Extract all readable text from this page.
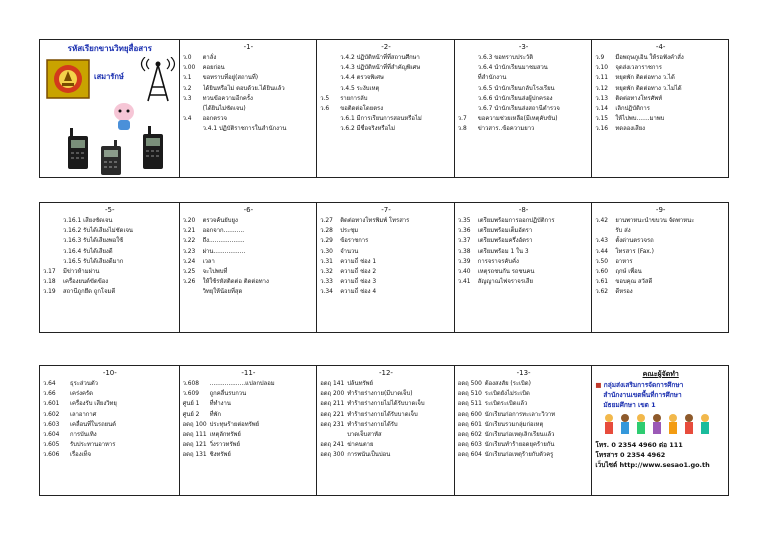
รหัสเรียกขานวิทยุสื่อสาร
เสมารักษ์
-1-
ว.0	ตาลั่ง
ว.00	คอยก่อน
ว.1	ขอทราบที่อยู่(สถานที่)
ว.2	ได้ยินหรือไม่ ตอบด้วย.ได้ยินแล้ว
ว.3	ทวนข้อความอีกครั้ง
(ได้ยินไม่ชัดเจน)
ว.4	ออกตรวจ
ว.4.1 ปฏิบัติราชการในสำนักงาน
-2-
ว.4.2 ปฏิบัติหน้าที่ที่สถานศึกษา
ว.4.3 ปฏิบัติหน้าที่ที่สำคัญพิเศษ
ว.4.4 ตรวจพิเศษ
ว.4.5 ระงับเหตุ
ว.5	รายการลับ
ว.6	ขอติดต่อโดยตรง
ว.6.1 มีการเรียนการสอนหรือไม่
ว.6.2 มีชื่อจริงหรือไม่
-3-
ว.6.3 ขอทราบประวัติ
ว.6.4 นำนักเรียนมาชมสวน
ที่สำนักงาน
ว.6.5 นำนักเรียนกลับโรงเรียน
ว.6.6 นำนักเรียนส่งผู้ปกครอง
ว.6.7 นำนักเรียนส่งสถานีตำรวจ
ว.7	ขอความช่วยเหลือ(มีเหตุคับขัน)
ว.8	ข่าวสาร..ข้อความยาว
-4-
ว.9	มือพฤษภูเอิน ให้รอฟังคำสั่ง
ว.10	จุดส่งเวลาราชการ
ว.11	หยุดพัก ติดต่อทาง ว.ได้
ว.12	หยุดพัก ติดต่อทาง ว.ไม่ได้
ว.13	ติดต่อทางโทรศัพท์
ว.14	เลิกปฏิบัติการ
ว.15	ให้ไปพบ.......มาพบ
ว.16	ทดลองเสียง
-5-
ว.16.1 เสียงชัดเจน
ว.16.2 รับได้เสียงไม่ชัดเจน
ว.16.3 รับได้เสียงพอใช้
ว.16.4 รับได้เสียงดี
ว.16.5 รับได้เสียงดีมาก
ว.17	มีข่าวห้ามผ่าน
ว.18	เครื่องยนต์ขัดข้อง
ว.19	สถานีถูกยึด ถูกโจมตี
-6-
ว.20	ตรวจค้นยับยูง
ว.21	ออกจาก...........
ว.22	ถึง...................
ว.23	ผ่าน.................
ว.24	เวลา
ว.25	จะไปพบที่
ว.26	ให้ใช้รหัสติดต่อ ติดต่อทาง
วิทยุให้น้อยที่สุด
-7-
ว.27	ติดต่อทางโทรพิมพ์ โทรสาร
ว.28	ประชุม
ว.29	ข้อราชการ
ว.30	จำนวน
ว.31	ความถี่ ช่อง 1
ว.32	ความถี่ ช่อง 2
ว.33	ความถี่ ช่อง 3
ว.34	ความถี่ ช่อง 4
-8-
ว.35	เตรียมพร้อมการออกปฏิบัติการ
ว.36	เตรียมพร้อมเต็มอัตรา
ว.37	เตรียมพร้อมครึ่งอัตรา
ว.38	เตรียมพร้อม 1 ใน 3
ว.39	การจราจรคับคั่ง
ว.40	เหตุรถชนกัน รถชนคน
ว.41	สัญญาณไฟจราจรเสีย
-9-
ว.42	ยานพาหนะนำขบวน จัดพาหนะ
รับ ส่ง
ว.43	ตั้งด่านตรวจรถ
ว.44	โทรสาร (Fax.)
ว.50	อาหาร
ว.60	ฤกษ์ เพื่อน
ว.61	ขอบคุณ สวัสดี
ว.62	ดีหรอง
-10-
ว.64	ธุระส่วนตัว
ว.66	เคร่งครัด
ว.601	เครื่องรับ เสียงวิทยุ
ว.602	เลาอากาศ
ว.603	เคลื่อนที่ในรถยนต์
ว.604	การบันเทิง
ว.605	รับประทานอาหาร
ว.606	เรื่องเท็จ
-11-
ว.608	...................แปลกปลอม
ว.609	ถูกคลื่นรบกวน
ศูนย์ 1	ที่ทำงาน
ศูนย์ 2	ที่พัก
อดฤ 100 ประทุษร้ายต่อทรัพย์
อดฤ 111 เหตุลักทรัพย์
อดฤ 121 วิ่งราวทรัพย์
อดฤ 131 ชิงทรัพย์
-12-
อดฤ 141 ปล้นทรัพย์
อดฤ 200 ทำร้ายร่างกาย(มีบาดเจ็บ)
อดฤ 211 ทำร้ายร่างกายไม่ได้รับบาดเจ็บ
อดฤ 221 ทำร้ายร่างกายได้รับบาดเจ็บ
อดฤ 231 ทำร้ายร่างกายได้รับ
บาดเจ็บสาหัส
อดฤ 241 ฆ่าคนตาย
อดฤ 300 การพนันเป็นบ่อน
-13-
อดฤ 500 ต้องสงสัย (ระเบิด)
อดฤ 510 ระเบิดยังไม่ระเบิด
อดฤ 511 ระเบิดระเบิดแล้ว
อดฤ 600 นักเรียนก่อการทะเลาะวิวาท
อดฤ 601 นักเรียนรวมกลุ่มก่อเหตุ
อดฤ 602 นักเรียนก่อเหตุเลิกเรียนแล้ว
อดฤ 603 นักเรียนทำร้ายอดยุคร้ายกัน
อดฤ 604 นักเรียนก่อเหตุร้ายกับตัวครู
คณะผู้จัดทำ
■ กลุ่มส่งเสริมการจัดการศึกษา
สำนักงานเขตพื้นที่การศึกษา
มัธยมศึกษา เขต 1
โทร. 0 2354 4960 ต่อ 111
โทรสาร 0 2354 4962
เว็บไซต์ http://www.sesao1.go.th
